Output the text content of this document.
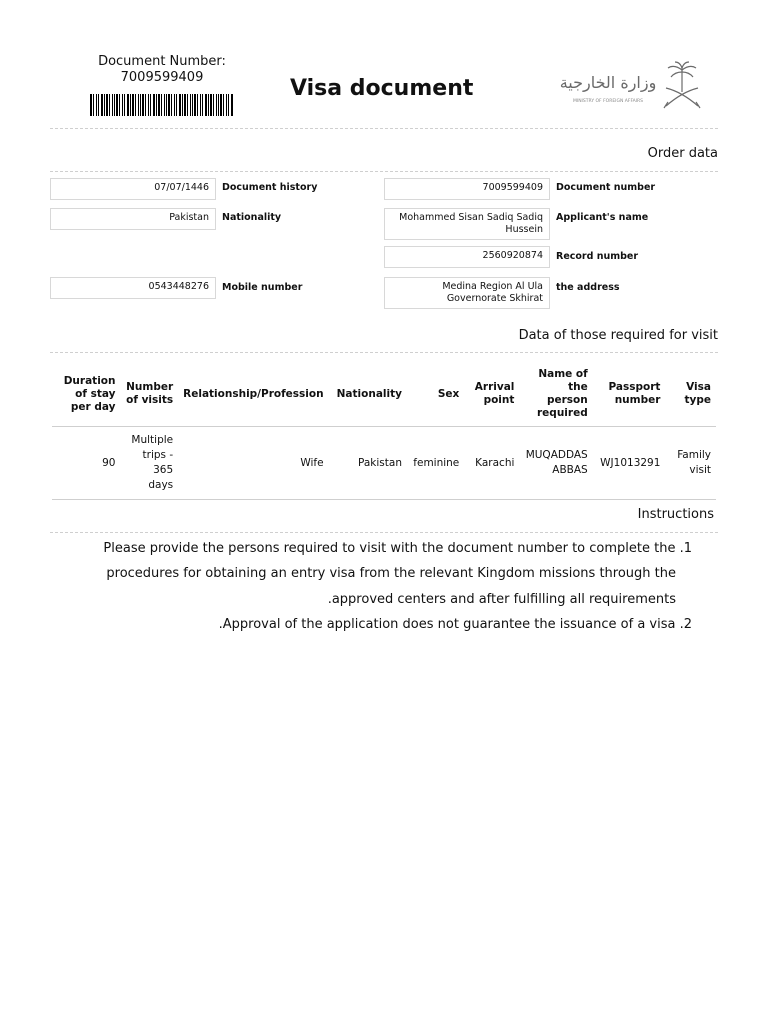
Document Number:
7009599409	Visa document	وزارة الخارجية
MINISTRY OF FOREIGN AFFAIRS
Order data
07/07/1446	Document history
Pakistan	Nationality
0543448276	Mobile number
7009599409	Document number
Mohammed Sisan Sadiq Sadiq Hussein
Applicant's name
2560920874	Record number
Medina Region Al Ula Governorate Skhirat
the address
Data of those required for visit
Duration of stay per day	Number of visits	Relationship/Profession	Nationality	Sex	Arrival point	Name of the person required	Passport number	Visa type
90	Multiple trips - 365 days	Wife	Pakistan	feminine	Karachi	MUQADDAS ABBAS	WJ1013291	Family visit
Instructions
Please provide the persons required to visit with the document number to complete the .1
procedures for obtaining an entry visa from the relevant Kingdom missions through the
.approved centers and after fulfilling all requirements
.Approval of the application does not guarantee the issuance of a visa .2
